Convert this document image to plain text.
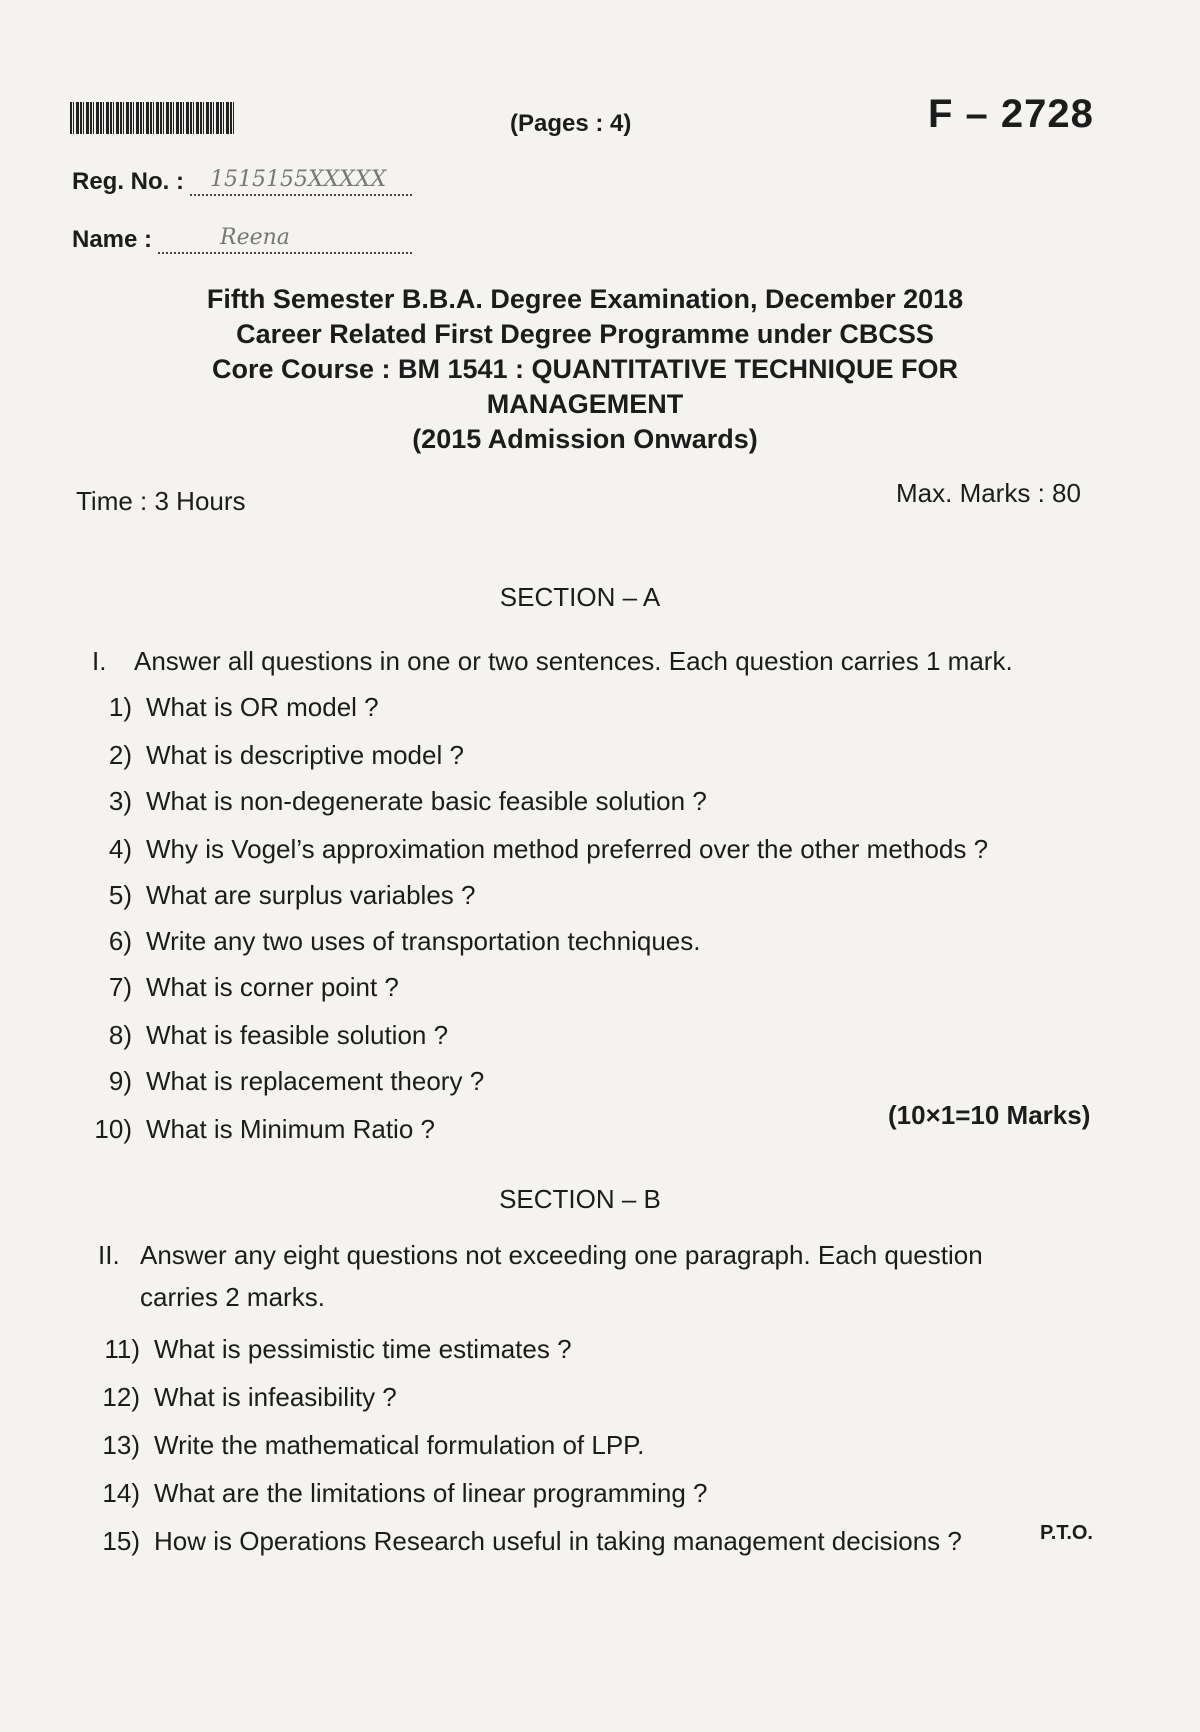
(Pages : 4)	F – 2728
Reg. No. : 1515155XXXXX
Name :	Reena
Fifth Semester B.B.A. Degree Examination, December 2018
Career Related First Degree Programme under CBCSS
Core Course : BM 1541 : QUANTITATIVE TECHNIQUE FOR
MANAGEMENT
(2015 Admission Onwards)
Time : 3 Hours	Max. Marks : 80
SECTION – A
I. Answer all questions in one or two sentences. Each question carries 1 mark.
1) What is OR model ?
2) What is descriptive model ?
3) What is non-degenerate basic feasible solution ?
4) Why is Vogel’s approximation method preferred over the other methods ?
5) What are surplus variables ?
6) Write any two uses of transportation techniques.
7) What is corner point ?
8) What is feasible solution ?
9) What is replacement theory ?
10) What is Minimum Ratio ?	(10×1=10 Marks)
SECTION – B
II. Answer any eight questions not exceeding one paragraph. Each question carries 2 marks.
11) What is pessimistic time estimates ?
12) What is infeasibility ?
13) Write the mathematical formulation of LPP.
14) What are the limitations of linear programming ?
15) How is Operations Research useful in taking management decisions ?	P.T.O.
